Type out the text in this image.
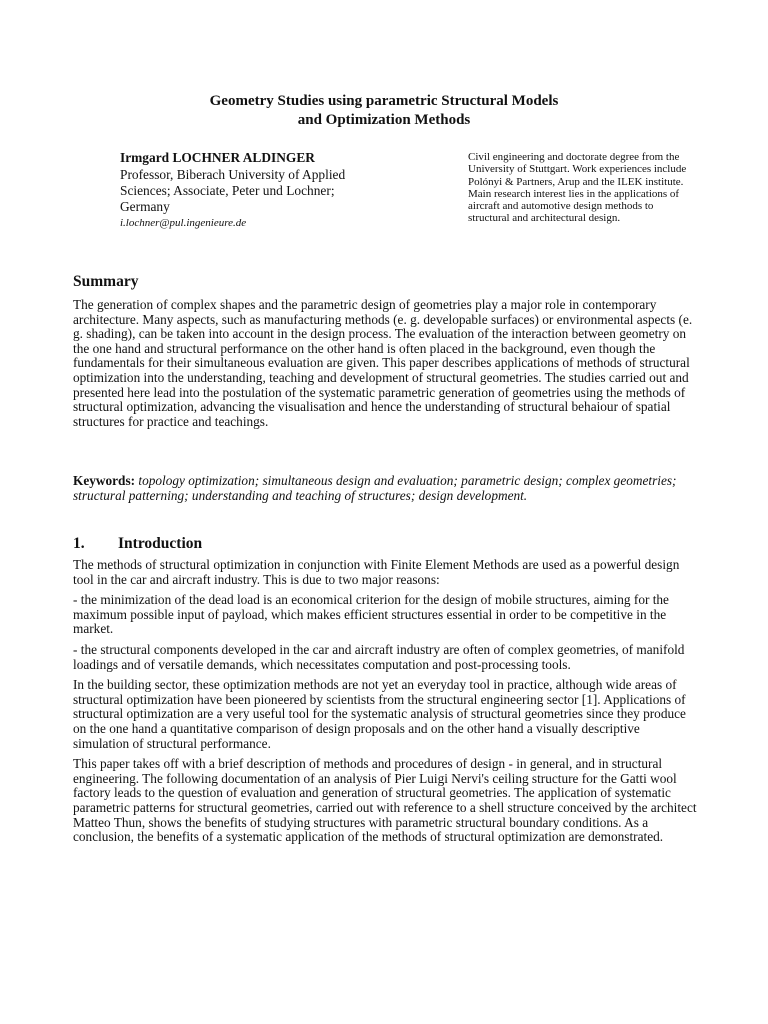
Geometry Studies using parametric Structural Models
and Optimization Methods
Irmgard LOCHNER ALDINGER
Professor, Biberach University of Applied Sciences; Associate, Peter und Lochner; Germany
i.lochner@pul.ingenieure.de
Civil engineering and doctorate degree from the University of Stuttgart. Work experiences include Polónyi & Partners, Arup and the ILEK institute. Main research interest lies in the applications of aircraft and automotive design methods to structural and architectural design.
Summary
The generation of complex shapes and the parametric design of geometries play a major role in contemporary architecture. Many aspects, such as manufacturing methods (e. g. developable surfaces) or environmental aspects (e. g. shading), can be taken into account in the design process. The evaluation of the interaction between geometry on the one hand and structural performance on the other hand is often placed in the background, even though the fundamentals for their simultaneous evaluation are given. This paper describes applications of methods of structural optimization into the understanding, teaching and development of structural geometries. The studies carried out and presented here lead into the postulation of the systematic parametric generation of geometries using the methods of structural optimization, advancing the visualisation and hence the understanding of structural behaiour of spatial structures for practice and teachings.
Keywords: topology optimization; simultaneous design and evaluation; parametric design; complex geometries; structural patterning; understanding and teaching of structures; design development.
1. Introduction

The methods of structural optimization in conjunction with Finite Element Methods are used as a powerful design tool in the car and aircraft industry. This is due to two major reasons:

- the minimization of the dead load is an economical criterion for the design of mobile structures, aiming for the maximum possible input of payload, which makes efficient structures essential in order to be competitive in the market.

- the structural components developed in the car and aircraft industry are often of complex geometries, of manifold loadings and of versatile demands, which necessitates computation and post-processing tools.

In the building sector, these optimization methods are not yet an everyday tool in practice, although wide areas of structural optimization have been pioneered by scientists from the structural engineering sector [1]. Applications of structural optimization are a very useful tool for the systematic analysis of structural geometries since they produce on the one hand a quantitative comparison of design proposals and on the other hand a visually descriptive simulation of structural performance.

This paper takes off with a brief description of methods and procedures of design - in general, and in structural engineering. The following documentation of an analysis of Pier Luigi Nervi's ceiling structure for the Gatti wool factory leads to the question of evaluation and generation of structural geometries. The application of systematic parametric patterns for structural geometries, carried out with reference to a shell structure conceived by the architect Matteo Thun, shows the benefits of studying structures with parametric structural boundary conditions. As a conclusion, the benefits of a systematic application of the methods of structural optimization are demonstrated.
